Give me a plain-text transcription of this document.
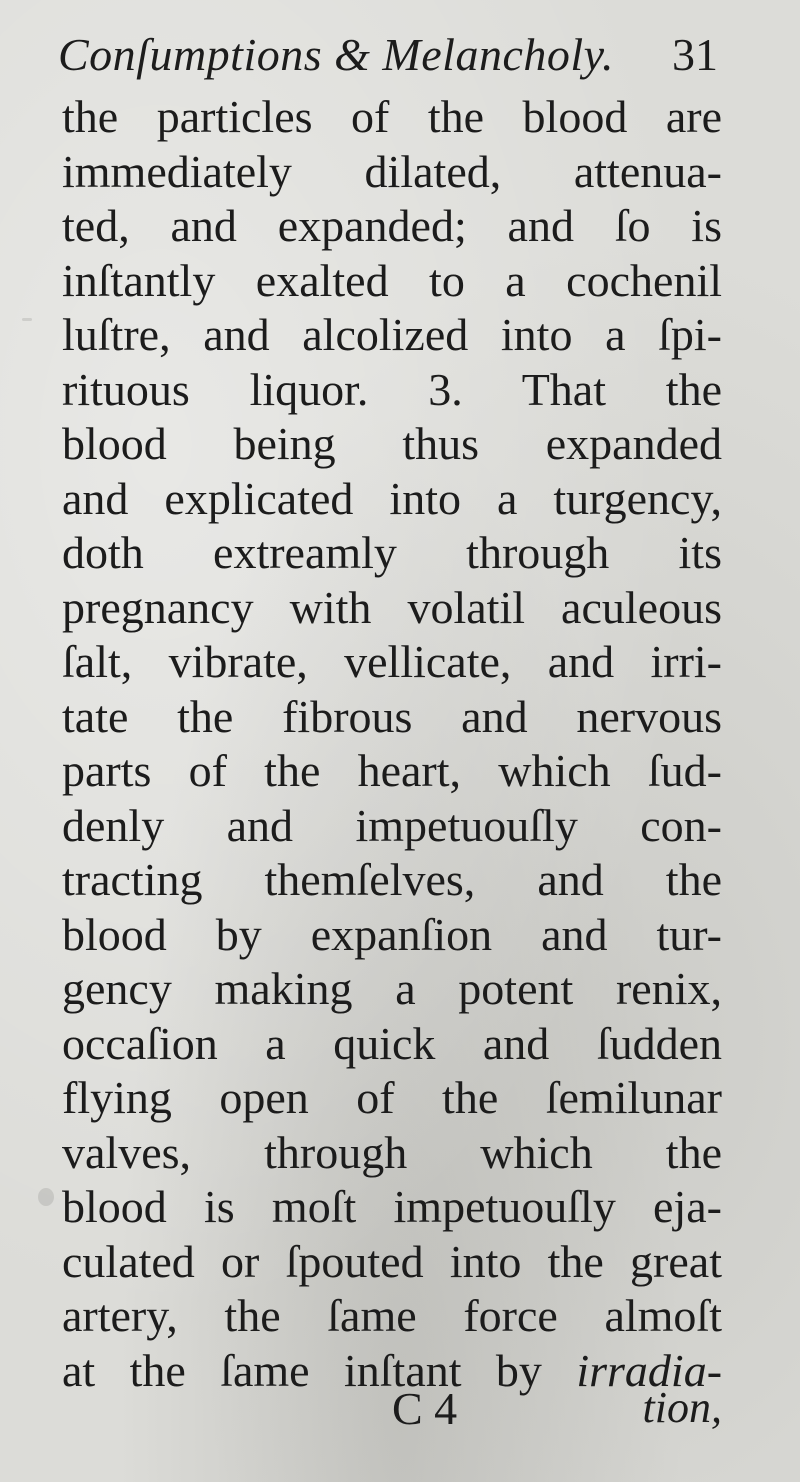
Conſumptions & Melancholy. 31
the particles of the blood are
immediately dilated, attenua-
ted, and expanded; and ſo is
inſtantly exalted to a cochenil
luſtre, and alcolized into a ſpi-
rituous liquor. 3. That the
blood being thus expanded
and explicated into a turgency,
doth extreamly through its
pregnancy with volatil aculeous
ſalt, vibrate, vellicate, and irri-
tate the fibrous and nervous
parts of the heart, which ſud-
denly and impetuouſly con-
tracting themſelves, and the
blood by expanſion and tur-
gency making a potent renix,
occaſion a quick and ſudden
flying open of the ſemilunar
valves, through which the
blood is moſt impetuouſly eja-
culated or ſpouted into the great
artery, the ſame force almoſt
at the ſame inſtant by irradia-
C 4	tion,
